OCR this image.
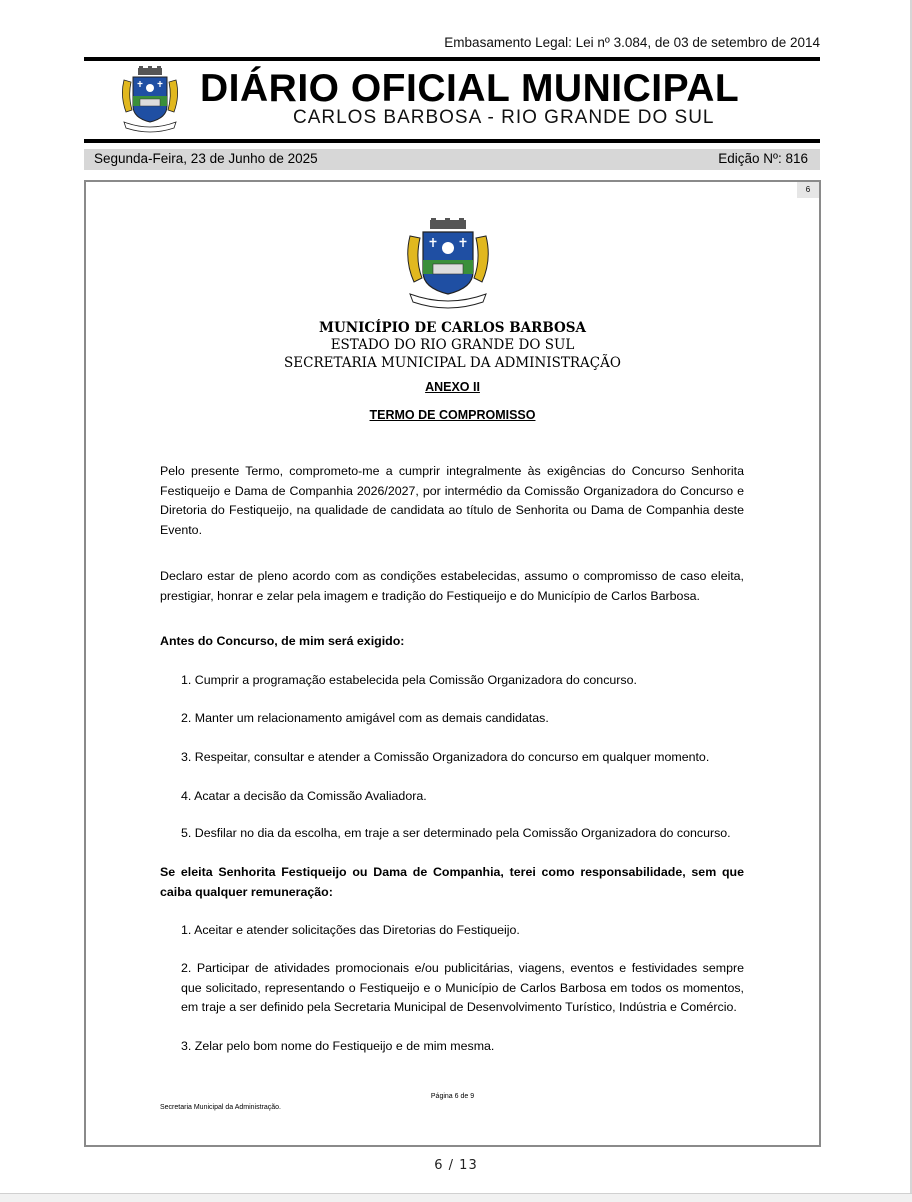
Embasamento Legal: Lei nº 3.084, de 03 de setembro de 2014
DIÁRIO OFICIAL MUNICIPAL
CARLOS BARBOSA - RIO GRANDE DO SUL
Segunda-Feira, 23 de Junho de 2025	Edição Nº: 816
6
MUNICÍPIO DE CARLOS BARBOSA
ESTADO DO RIO GRANDE DO SUL
SECRETARIA MUNICIPAL DA ADMINISTRAÇÃO
ANEXO II
TERMO DE COMPROMISSO
Pelo presente Termo, comprometo-me a cumprir integralmente às exigências do Concurso Senhorita Festiqueijo e Dama de Companhia 2026/2027, por intermédio da Comissão Organizadora do Concurso e Diretoria do Festiqueijo, na qualidade de candidata ao título de Senhorita ou Dama de Companhia deste Evento.
Declaro estar de pleno acordo com as condições estabelecidas, assumo o compromisso de caso eleita, prestigiar, honrar e zelar pela imagem e tradição do Festiqueijo e do Município de Carlos Barbosa.
Antes do Concurso, de mim será exigido:
1. Cumprir a programação estabelecida pela Comissão Organizadora do concurso.
2. Manter um relacionamento amigável com as demais candidatas.
3. Respeitar, consultar e atender a Comissão Organizadora do concurso em qualquer momento.
4. Acatar a decisão da Comissão Avaliadora.
5. Desfilar no dia da escolha, em traje a ser determinado pela Comissão Organizadora do concurso.
Se eleita Senhorita Festiqueijo ou Dama de Companhia, terei como responsabilidade, sem que caiba qualquer remuneração:
1. Aceitar e atender solicitações das Diretorias do Festiqueijo.
2. Participar de atividades promocionais e/ou publicitárias, viagens, eventos e festividades sempre que solicitado, representando o Festiqueijo e o Município de Carlos Barbosa em todos os momentos, em traje a ser definido pela Secretaria Municipal de Desenvolvimento Turístico, Indústria e Comércio.
3. Zelar pelo bom nome do Festiqueijo e de mim mesma.
Página 6 de 9
Secretaria Municipal da Administração.
6 / 13
